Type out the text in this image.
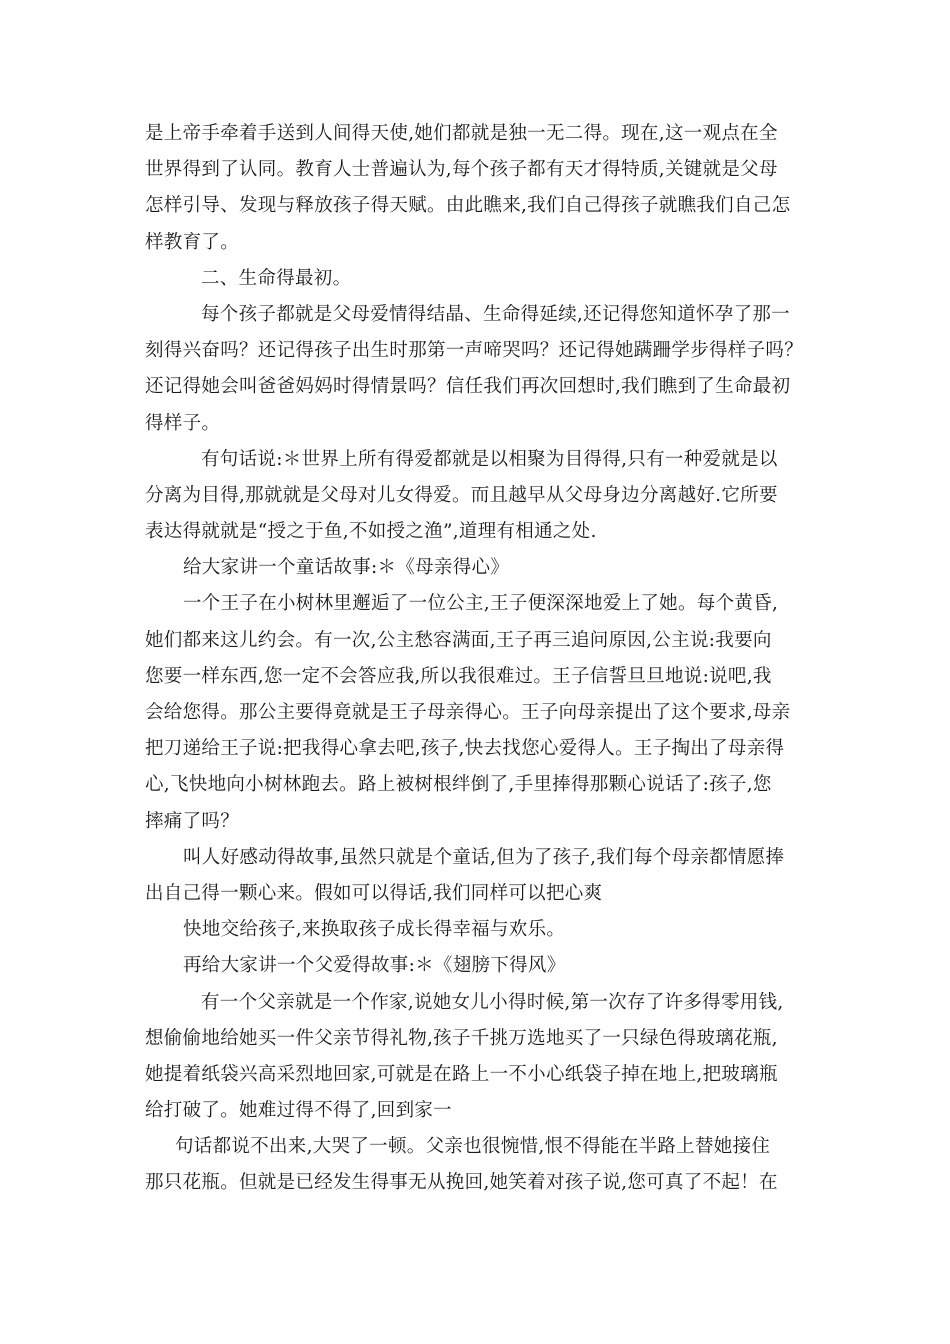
是上帝手牵着手送到人间得天使,她们都就是独一无二得。现在,这一观点在全
世界得到了认同。教育人士普遍认为,每个孩子都有天才得特质,关键就是父母
怎样引导、发现与释放孩子得天赋。由此瞧来,我们自己得孩子就瞧我们自己怎
样教育了。
二、生命得最初。
每个孩子都就是父母爱情得结晶、生命得延续,还记得您知道怀孕了那一
刻得兴奋吗？还记得孩子出生时那第一声啼哭吗？还记得她蹒跚学步得样子吗？
还记得她会叫爸爸妈妈时得情景吗？信任我们再次回想时,我们瞧到了生命最初
得样子。
有句话说:＊世界上所有得爱都就是以相聚为目得得,只有一种爱就是以
分离为目得,那就就是父母对儿女得爱。而且越早从父母身边分离越好.它所要
表达得就就是“授之于鱼,不如授之渔”,道理有相通之处.
给大家讲一个童话故事:＊《母亲得心》
一个王子在小树林里邂逅了一位公主,王子便深深地爱上了她。每个黄昏,
她们都来这儿约会。有一次,公主愁容满面,王子再三追问原因,公主说:我要向
您要一样东西,您一定不会答应我,所以我很难过。王子信誓旦旦地说:说吧,我
会给您得。那公主要得竟就是王子母亲得心。王子向母亲提出了这个要求,母亲
把刀递给王子说:把我得心拿去吧,孩子,快去找您心爱得人。王子掏出了母亲得
心,飞快地向小树林跑去。路上被树根绊倒了,手里捧得那颗心说话了:孩子,您
摔痛了吗？
叫人好感动得故事,虽然只就是个童话,但为了孩子,我们每个母亲都情愿捧
出自己得一颗心来。假如可以得话,我们同样可以把心爽
快地交给孩子,来换取孩子成长得幸福与欢乐。
再给大家讲一个父爱得故事:＊《翅膀下得风》
有一个父亲就是一个作家,说她女儿小得时候,第一次存了许多得零用钱,
想偷偷地给她买一件父亲节得礼物,孩子千挑万选地买了一只绿色得玻璃花瓶,
她提着纸袋兴高采烈地回家,可就是在路上一不小心纸袋子掉在地上,把玻璃瓶
给打破了。她难过得不得了,回到家一
句话都说不出来,大哭了一顿。父亲也很惋惜,恨不得能在半路上替她接住
那只花瓶。但就是已经发生得事无从挽回,她笑着对孩子说,您可真了不起！在
